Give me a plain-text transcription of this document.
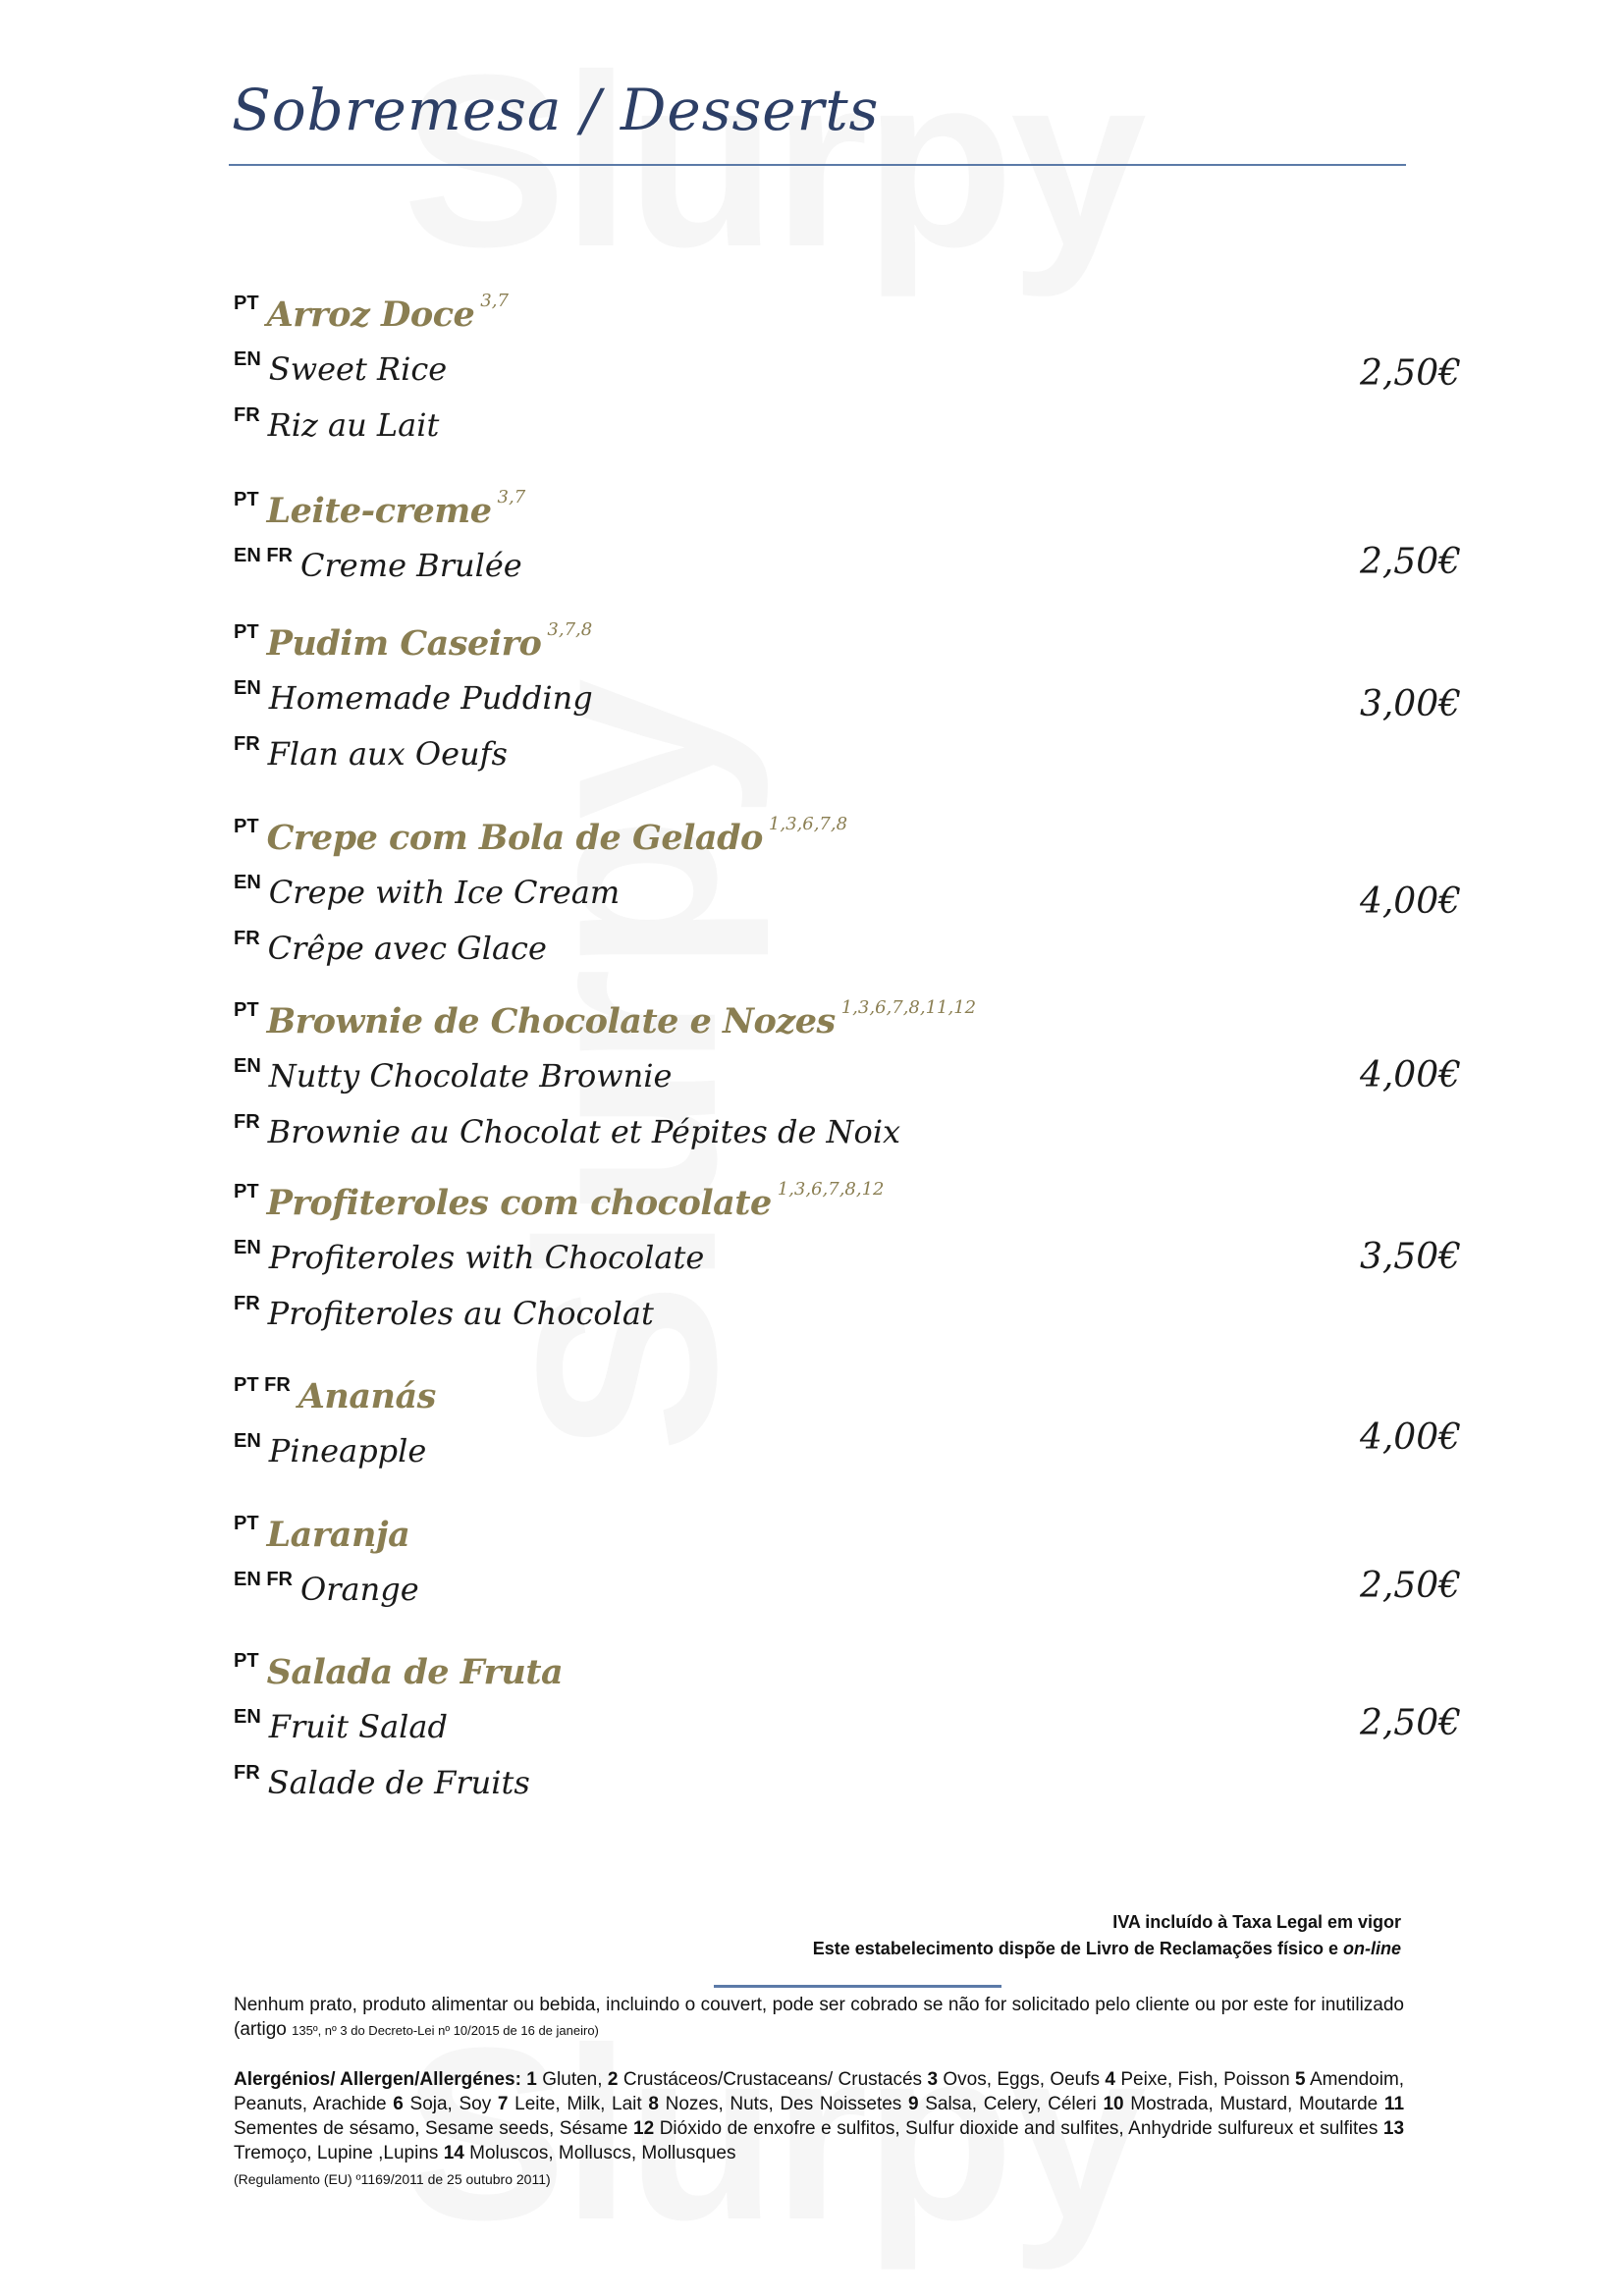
Sobremesa / Desserts
PT Arroz Doce 3,7
EN Sweet Rice
FR Riz au Lait
2,50€
PT Leite-creme 3,7
EN FR Creme Brulée	2,50€
PT Pudim Caseiro 3,7,8
EN Homemade Pudding
FR Flan aux Oeufs
3,00€
PT Crepe com Bola de Gelado 1,3,6,7,8
EN Crepe with Ice Cream
FR Crêpe avec Glace
4,00€
PT Brownie de Chocolate e Nozes 1,3,6,7,8,11,12
EN Nutty Chocolate Brownie
FR Brownie au Chocolat et Pépites de Noix
4,00€
PT Profiteroles com chocolate 1,3,6,7,8,12
EN Profiteroles with Chocolate
FR Profiteroles au Chocolat
3,50€
PT FR Ananás
EN Pineapple	4,00€
PT Laranja
EN FR Orange	2,50€
PT Salada de Fruta
EN Fruit Salad
FR Salade de Fruits
2,50€
IVA incluído à Taxa Legal em vigor
Este estabelecimento dispõe de Livro de Reclamações físico e on-line
Nenhum prato, produto alimentar ou bebida, incluindo o couvert, pode ser cobrado se não for solicitado pelo cliente ou por este for inutilizado (artigo 135º, nº 3 do Decreto-Lei nº 10/2015 de 16 de janeiro)
Alergénios/ Allergen/Allergénes: 1 Gluten, 2 Crustáceos/Crustaceans/ Crustacés 3 Ovos, Eggs, Oeufs 4 Peixe, Fish, Poisson 5 Amendoim, Peanuts, Arachide 6 Soja, Soy 7 Leite, Milk, Lait 8 Nozes, Nuts, Des Noissetes 9 Salsa, Celery, Céleri 10 Mostrada, Mustard, Moutarde 11 Sementes de sésamo, Sesame seeds, Sésame 12 Dióxido de enxofre e sulfitos, Sulfur dioxide and sulfites, Anhydride sulfureux et sulfites 13 Tremoço, Lupine ,Lupins 14 Moluscos, Molluscs, Mollusques
(Regulamento (EU) º1169/2011 de 25 outubro 2011)
